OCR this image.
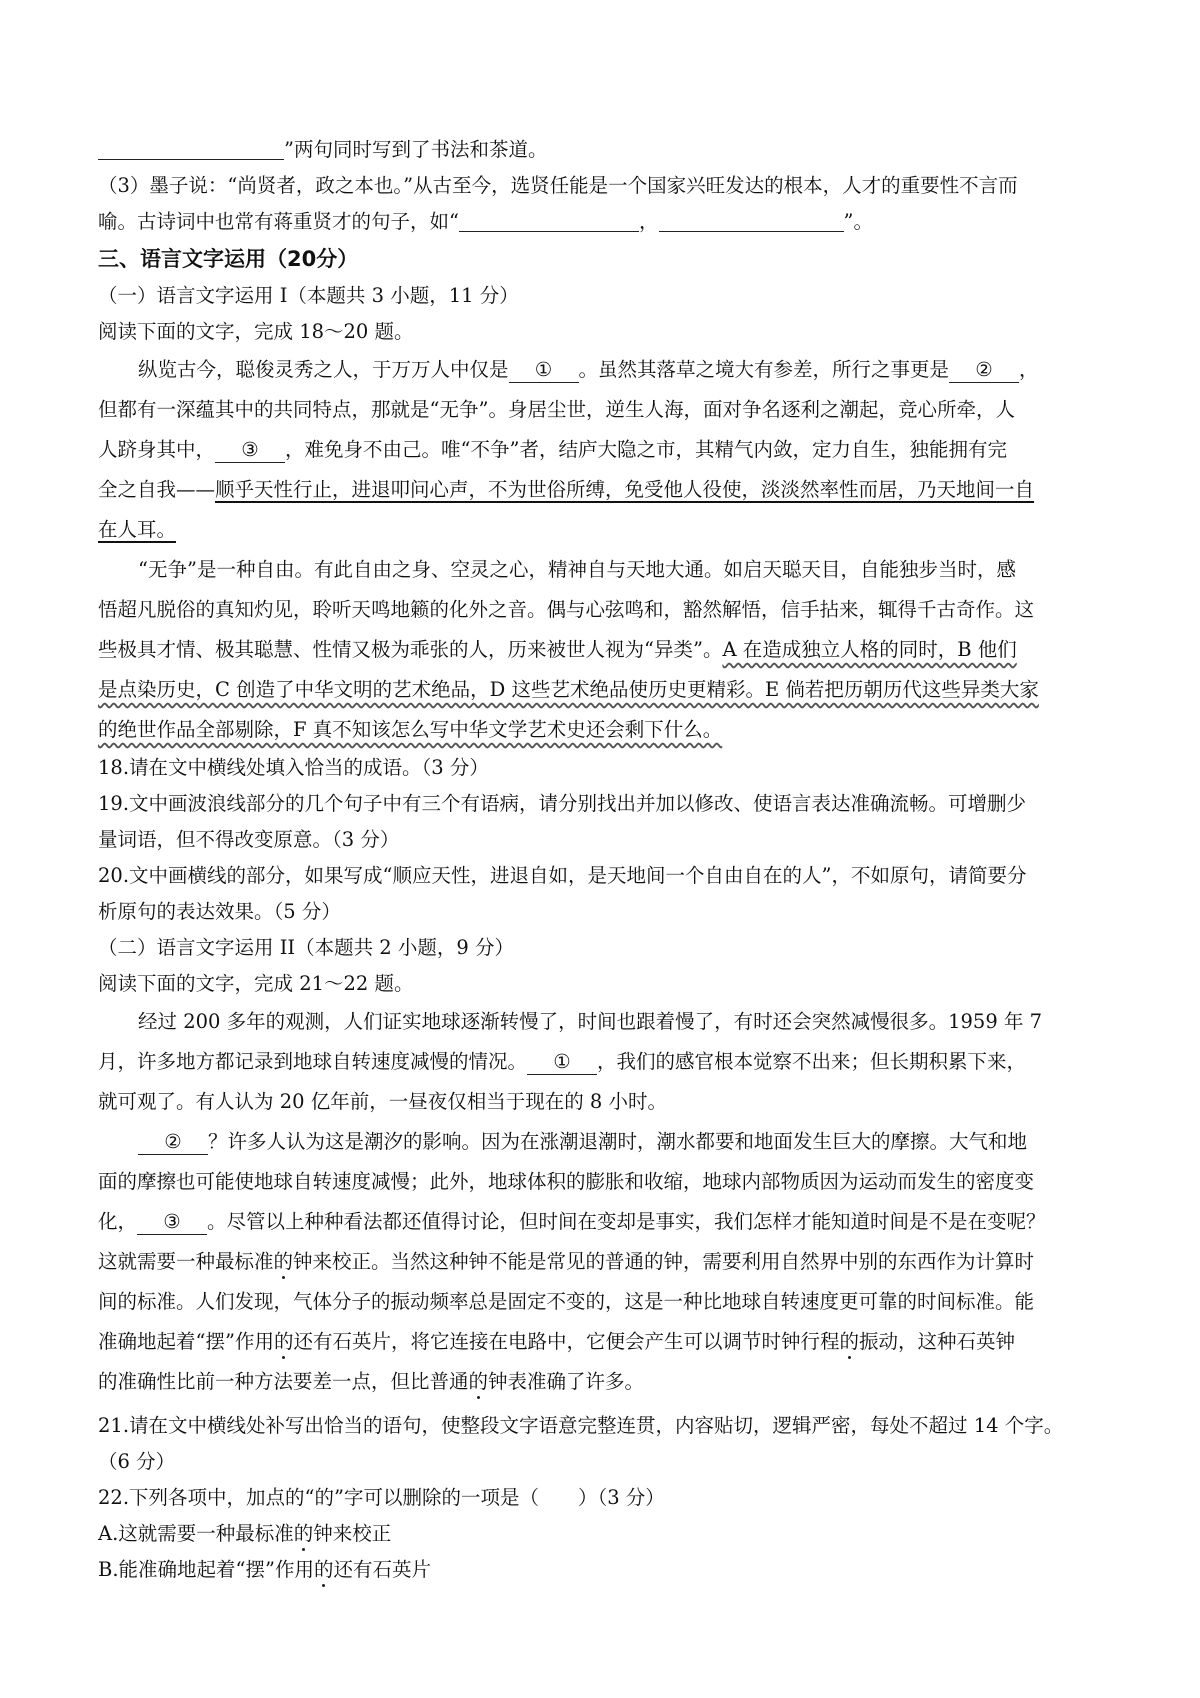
”两句同时写到了书法和茶道。
（3）墨子说：“尚贤者，政之本也。”从古至今，选贤任能是一个国家兴旺发达的根本，人才的重要性不言而
喻。古诗词中也常有蒋重贤才的句子，如“	，	”。
三、语言文字运用（20分）
（一）语言文字运用 I（本题共 3 小题，11 分）
阅读下面的文字，完成 18～20 题。
纵览古今，聪俊灵秀之人，于万万人中仅是 ① 。虽然其落草之境大有参差，所行之事更是 ② ，
但都有一深蕴其中的共同特点，那就是“无争”。身居尘世，逆生人海，面对争名逐利之潮起，竞心所牵，人
人跻身其中， ③ ，难免身不由己。唯“不争”者，结庐大隐之市，其精气内敛，定力自生，独能拥有完
全之自我——顺乎天性行止，进退叩问心声，不为世俗所缚，免受他人役使，淡淡然率性而居，乃天地间一自
在人耳。
“无争”是一种自由。有此自由之身、空灵之心，精神自与天地大通。如启天聪天目，自能独步当时，感
悟超凡脱俗的真知灼见，聆听天鸣地籁的化外之音。偶与心弦鸣和，豁然解悟，信手拈来，辄得千古奇作。这
些极具才情、极其聪慧、性情又极为乖张的人，历来被世人视为“异类”。A 在造成独立人格的同时，B 他们
是点染历史，C 创造了中华文明的艺术绝品，D 这些艺术绝品使历史更精彩。E 倘若把历朝历代这些异类大家
的绝世作品全部剔除，F 真不知该怎么写中华文学艺术史还会剩下什么。
18.请在文中横线处填入恰当的成语。（3 分）
19.文中画波浪线部分的几个句子中有三个有语病，请分别找出并加以修改、使语言表达准确流畅。可增删少
量词语，但不得改变原意。（3 分）
20.文中画横线的部分，如果写成“顺应天性，进退自如，是天地间一个自由自在的人”，不如原句，请简要分
析原句的表达效果。（5 分）
（二）语言文字运用 II（本题共 2 小题，9 分）
阅读下面的文字，完成 21～22 题。
经过 200 多年的观测，人们证实地球逐渐转慢了，时间也跟着慢了，有时还会突然减慢很多。1959 年 7
月，许多地方都记录到地球自转速度减慢的情况。 ① ，我们的感官根本觉察不出来；但长期积累下来，
就可观了。有人认为 20 亿年前，一昼夜仅相当于现在的 8 小时。
② ？许多人认为这是潮汐的影响。因为在涨潮退潮时，潮水都要和地面发生巨大的摩擦。大气和地
面的摩擦也可能使地球自转速度减慢；此外，地球体积的膨胀和收缩，地球内部物质因为运动而发生的密度变
化， ③ 。尽管以上种种看法都还值得讨论，但时间在变却是事实，我们怎样才能知道时间是不是在变呢？
这就需要一种最标准的钟来校正。当然这种钟不能是常见的普通的钟，需要利用自然界中别的东西作为计算时
间的标准。人们发现，气体分子的振动频率总是固定不变的，这是一种比地球自转速度更可靠的时间标准。能
准确地起着“摆”作用的还有石英片，将它连接在电路中，它便会产生可以调节时钟行程的振动，这种石英钟
的准确性比前一种方法要差一点，但比普通的钟表准确了许多。
21.请在文中横线处补写出恰当的语句，使整段文字语意完整连贯，内容贴切，逻辑严密，每处不超过 14 个字。
（6 分）
22.下列各项中，加点的“的”字可以删除的一项是（　　）（3 分）
A.这就需要一种最标准的钟来校正
B.能准确地起着“摆”作用的还有石英片
